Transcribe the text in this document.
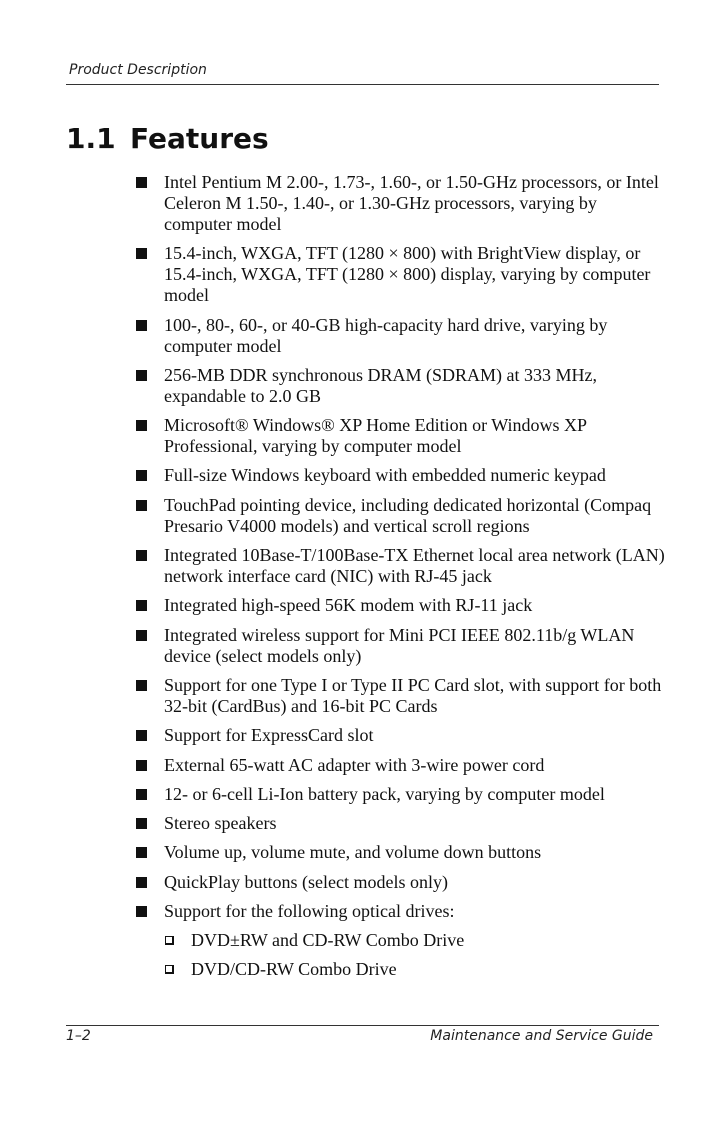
Product Description
1.1 Features
Intel Pentium M 2.00-, 1.73-, 1.60-, or 1.50-GHz processors, or Intel Celeron M 1.50-, 1.40-, or 1.30-GHz processors, varying by computer model
15.4-inch, WXGA, TFT (1280 × 800) with BrightView display, or 15.4-inch, WXGA, TFT (1280 × 800) display, varying by computer model
100-, 80-, 60-, or 40-GB high-capacity hard drive, varying by computer model
256-MB DDR synchronous DRAM (SDRAM) at 333 MHz, expandable to 2.0 GB
Microsoft® Windows® XP Home Edition or Windows XP Professional, varying by computer model
Full-size Windows keyboard with embedded numeric keypad
TouchPad pointing device, including dedicated horizontal (Compaq Presario V4000 models) and vertical scroll regions
Integrated 10Base-T/100Base-TX Ethernet local area network (LAN) network interface card (NIC) with RJ-45 jack
Integrated high-speed 56K modem with RJ-11 jack
Integrated wireless support for Mini PCI IEEE 802.11b/g WLAN device (select models only)
Support for one Type I or Type II PC Card slot, with support for both 32-bit (CardBus) and 16-bit PC Cards
Support for ExpressCard slot
External 65-watt AC adapter with 3-wire power cord
12- or 6-cell Li-Ion battery pack, varying by computer model
Stereo speakers
Volume up, volume mute, and volume down buttons
QuickPlay buttons (select models only)
Support for the following optical drives:
DVD±RW and CD-RW Combo Drive
DVD/CD-RW Combo Drive
1–2	Maintenance and Service Guide
